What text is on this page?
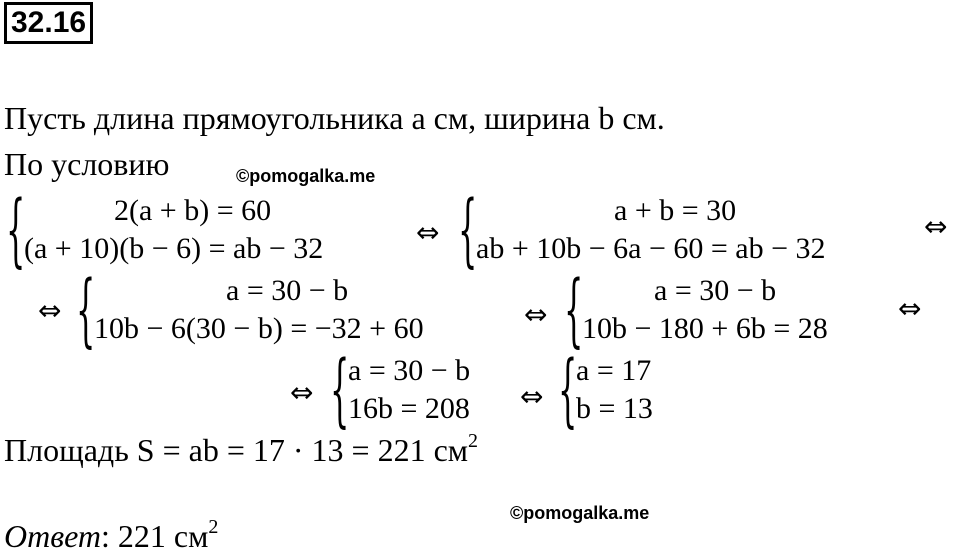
32.16
Пусть длина прямоугольника a см, ширина b см.
По условию	©pomogalka.me
©pomogalka.me
{	2(a + b) = 60
(a + 10)(b − 6) = ab − 32	⇔ {	a + b = 30
ab + 10b − 6a − 60 = ab − 32
⇔
⇔ {	a = 30 − b
10b − 6(30 − b) = −32 + 60	⇔ { a = 30 − b
10b − 180 + 6b = 28
⇔
⇔ {
a = 30 − b
16b = 208 ⇔ {
a = 17
b = 13
Площадь S = ab = 17 · 13 = 221 $см^2$
Ответ: 221 $см^2$
